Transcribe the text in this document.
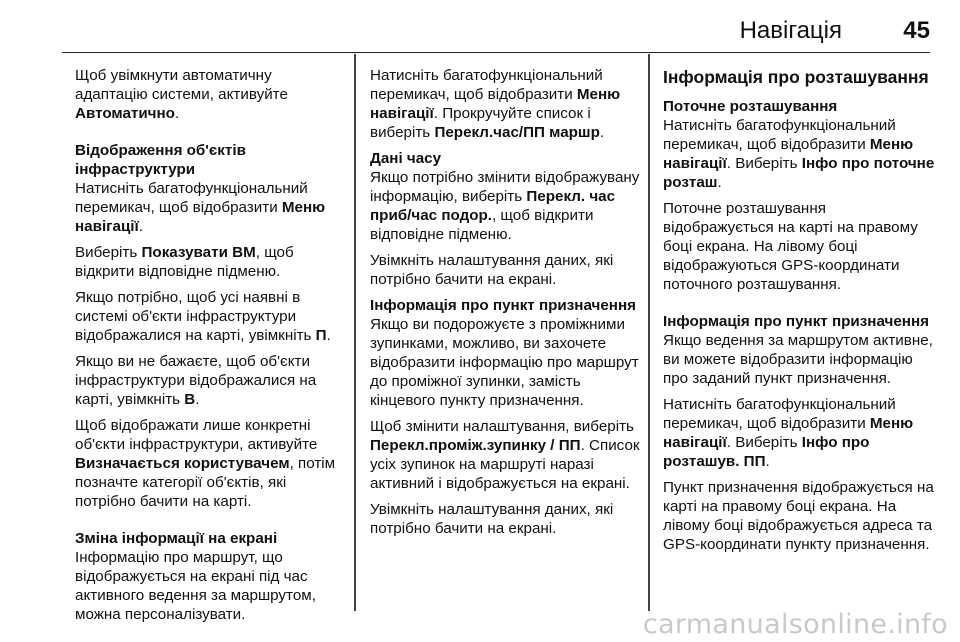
Навігація	45

Щоб увімкнути автоматичну адаптацію системи, активуйте Автоматично.

Відображення об'єктів інфраструктури

Натисніть багатофункціональний перемикач, щоб відобразити Меню навігації.

Виберіть Показувати ВМ, щоб відкрити відповідне підменю.

Якщо потрібно, щоб усі наявні в системі об'єкти інфраструктури відображалися на карті, увімкніть П.

Якщо ви не бажаєте, щоб об'єкти інфраструктури відображалися на карті, увімкніть В.

Щоб відображати лише конкретні об'єкти інфраструктури, активуйте Визначається користувачем, потім позначте категорії об'єктів, які потрібно бачити на карті.

Зміна інформації на екрані

Інформацію про маршрут, що відображується на екрані під час активного ведення за маршрутом, можна персоналізувати.

Натисніть багатофункціональний перемикач, щоб відобразити Меню навігації. Прокручуйте список і виберіть Перекл.час/ПП маршр.

Дані часу

Якщо потрібно змінити відображувану інформацію, виберіть Перекл. час приб/час подор., щоб відкрити відповідне підменю.

Увімкніть налаштування даних, які потрібно бачити на екрані.

Інформація про пункт призначення

Якщо ви подорожуєте з проміжними зупинками, можливо, ви захочете відобразити інформацію про маршрут до проміжної зупинки, замість кінцевого пункту призначення.

Щоб змінити налаштування, виберіть Перекл.проміж.зупинку / ПП. Список усіх зупинок на маршруті наразі активний і відображується на екрані.

Увімкніть налаштування даних, які потрібно бачити на екрані.

Інформація про розташування
Поточне розташування

Натисніть багатофункціональний перемикач, щоб відобразити Меню навігації. Виберіть Інфо про поточне розташ.

Поточне розташування відображується на карті на правому боці екрана. На лівому боці відображуються GPS-координати поточного розташування.

Інформація про пункт призначення

Якщо ведення за маршрутом активне, ви можете відобразити інформацію про заданий пункт призначення.

Натисніть багатофункціональний перемикач, щоб відобразити Меню навігації. Виберіть Інфо про розташув. ПП.

Пункт призначення відображується на карті на правому боці екрана. На лівому боці відображується адреса та GPS-координати пункту призначення.

carmanualsonline.info
